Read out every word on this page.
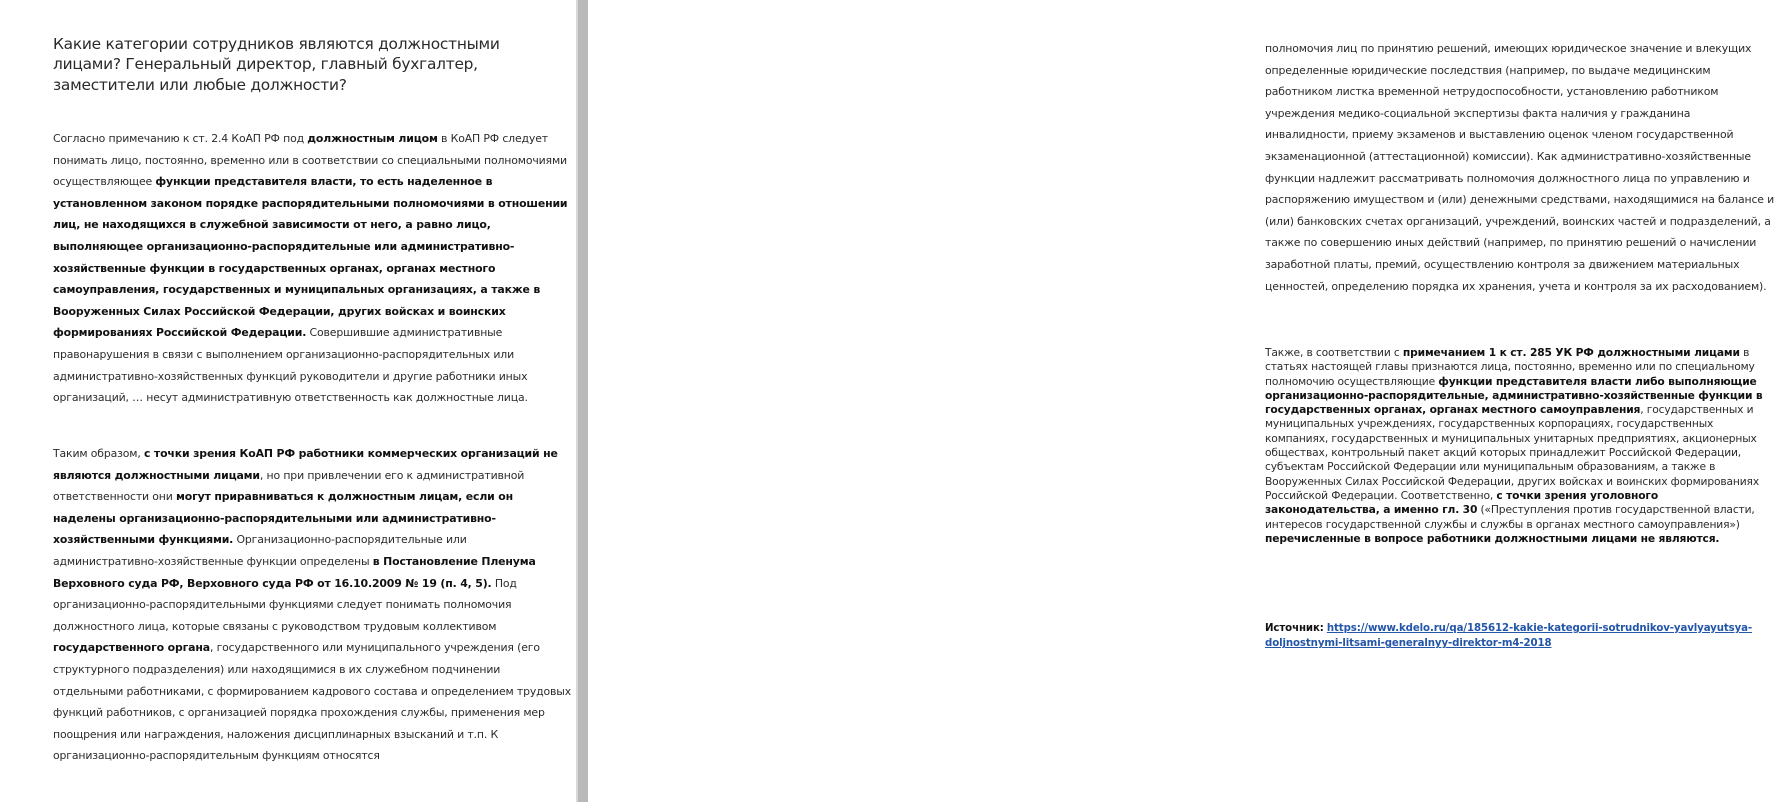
Какие категории сотрудников являются должностными лицами? Генеральный директор, главный бухгалтер, заместители или любые должности?

Согласно примечанию к ст. 2.4 КоАП РФ под должностным лицом в КоАП РФ следует понимать лицо, постоянно, временно или в соответствии со специальными полномочиями осуществляющее функции представителя власти, то есть наделенное в установленном законом порядке распорядительными полномочиями в отношении лиц, не находящихся в служебной зависимости от него, а равно лицо, выполняющее организационно-распорядительные или административно-хозяйственные функции в государственных органах, органах местного самоуправления, государственных и муниципальных организациях, а также в Вооруженных Силах Российской Федерации, других войсках и воинских формированиях Российской Федерации. Совершившие административные правонарушения в связи с выполнением организационно-распорядительных или административно-хозяйственных функций руководители и другие работники иных организаций, … несут административную ответственность как должностные лица.

Таким образом, с точки зрения КоАП РФ работники коммерческих организаций не являются должностными лицами, но при привлечении его к административной ответственности они могут приравниваться к должностным лицам, если он наделены организационно-распорядительными или административно-хозяйственными функциями. Организационно-распорядительные или административно-хозяйственные функции определены в Постановление Пленума Верховного суда РФ, Верховного суда РФ от 16.10.2009 № 19 (п. 4, 5). Под организационно-распорядительными функциями следует понимать полномочия должностного лица, которые связаны с руководством трудовым коллективом государственного органа, государственного или муниципального учреждения (его структурного подразделения) или находящимися в их служебном подчинении отдельными работниками, с формированием кадрового состава и определением трудовых функций работников, с организацией порядка прохождения службы, применения мер поощрения или награждения, наложения дисциплинарных взысканий и т.п. К организационно-распорядительным функциям относятся

полномочия лиц по принятию решений, имеющих юридическое значение и влекущих определенные юридические последствия (например, по выдаче медицинским работником листка временной нетрудоспособности, установлению работником учреждения медико-социальной экспертизы факта наличия у гражданина инвалидности, приему экзаменов и выставлению оценок членом государственной экзаменационной (аттестационной) комиссии). Как административно-хозяйственные функции надлежит рассматривать полномочия должностного лица по управлению и распоряжению имуществом и (или) денежными средствами, находящимися на балансе и (или) банковских счетах организаций, учреждений, воинских частей и подразделений, а также по совершению иных действий (например, по принятию решений о начислении заработной платы, премий, осуществлению контроля за движением материальных ценностей, определению порядка их хранения, учета и контроля за их расходованием).

Также, в соответствии с примечанием 1 к ст. 285 УК РФ должностными лицами в статьях настоящей главы признаются лица, постоянно, временно или по специальному полномочию осуществляющие функции представителя власти либо выполняющие организационно-распорядительные, административно-хозяйственные функции в государственных органах, органах местного самоуправления, государственных и муниципальных учреждениях, государственных корпорациях, государственных компаниях, государственных и муниципальных унитарных предприятиях, акционерных обществах, контрольный пакет акций которых принадлежит Российской Федерации, субъектам Российской Федерации или муниципальным образованиям, а также в Вооруженных Силах Российской Федерации, других войсках и воинских формированиях Российской Федерации. Соответственно, с точки зрения уголовного законодательства, а именно гл. 30 («Преступления против государственной власти, интересов государственной службы и службы в органах местного самоуправления») перечисленные в вопросе работники должностными лицами не являются.

Источник: https://www.kdelo.ru/qa/185612-kakie-kategorii-sotrudnikov-yavlyayutsya-doljnostnymi-litsami-generalnyy-direktor-m4-2018
